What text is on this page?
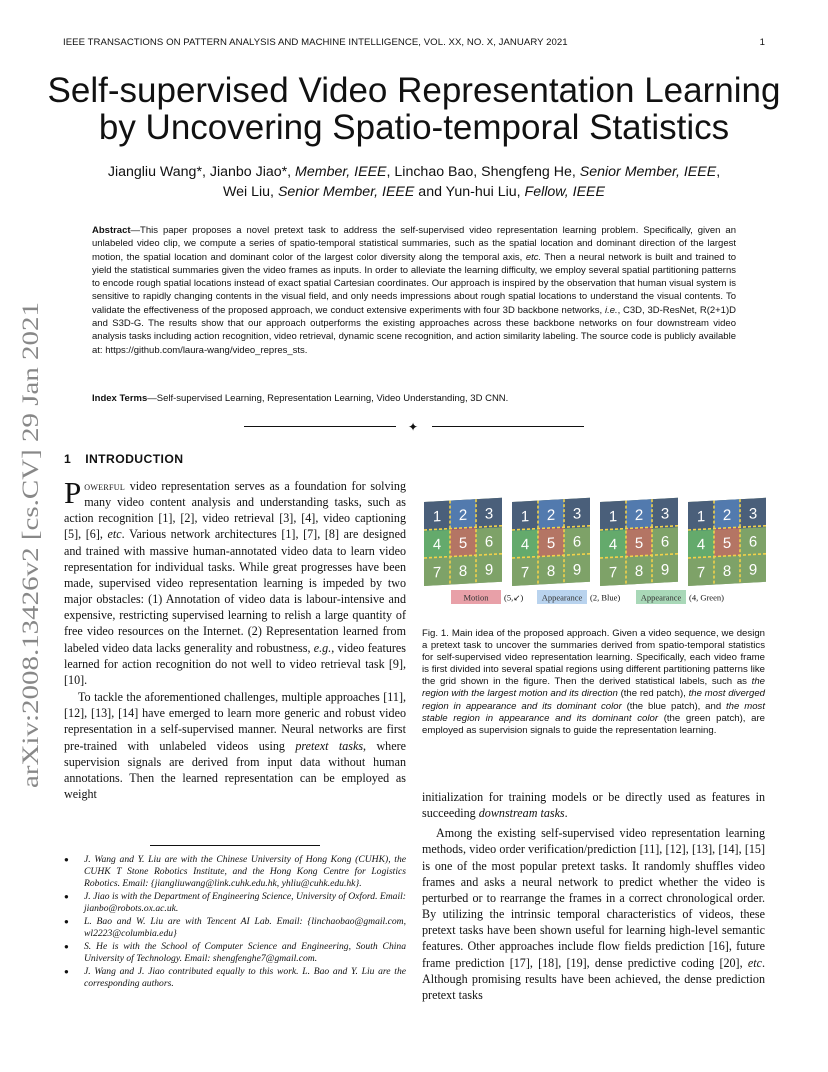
IEEE TRANSACTIONS ON PATTERN ANALYSIS AND MACHINE INTELLIGENCE, VOL. XX, NO. X, JANUARY 2021	1
Self-supervised Video Representation Learning
by Uncovering Spatio-temporal Statistics
Jiangliu Wang*, Jianbo Jiao*, Member, IEEE, Linchao Bao, Shengfeng He, Senior Member, IEEE,
Wei Liu, Senior Member, IEEE and Yun-hui Liu, Fellow, IEEE
Abstract—This paper proposes a novel pretext task to address the self-supervised video representation learning problem. Specifically, given an unlabeled video clip, we compute a series of spatio-temporal statistical summaries, such as the spatial location and dominant direction of the largest motion, the spatial location and dominant color of the largest color diversity along the temporal axis, etc. Then a neural network is built and trained to yield the statistical summaries given the video frames as inputs. In order to alleviate the learning difficulty, we employ several spatial partitioning patterns to encode rough spatial locations instead of exact spatial Cartesian coordinates. Our approach is inspired by the observation that human visual system is sensitive to rapidly changing contents in the visual field, and only needs impressions about rough spatial locations to understand the visual contents. To validate the effectiveness of the proposed approach, we conduct extensive experiments with four 3D backbone networks, i.e., C3D, 3D-ResNet, R(2+1)D and S3D-G. The results show that our approach outperforms the existing approaches across these backbone networks on four downstream video analysis tasks including action recognition, video retrieval, dynamic scene recognition, and action similarity labeling. The source code is publicly available at: https://github.com/laura-wang/video_repres_sts.
Index Terms—Self-supervised Learning, Representation Learning, Video Understanding, 3D CNN.
✦
arXiv:2008.13426v2 [cs.CV] 29 Jan 2021 1 INTRODUCTION

Powerful video representation serves as a foundation for solving many video content analysis and understanding tasks, such as action recognition [1], [2], video retrieval [3], [4], video captioning [5], [6], etc. Various network architectures [1], [7], [8] are designed and trained with massive human-annotated video data to learn video representation for individual tasks. While great progresses have been made, supervised video representation learning is impeded by two major obstacles: (1) Annotation of video data is labour-intensive and expensive, restricting supervised learning to relish a large quantity of free video resources on the Internet. (2) Representation learned from labeled video data lacks generality and robustness, e.g., video features learned for action recognition do not well to video retrieval task [9], [10].

To tackle the aforementioned challenges, multiple approaches [11], [12], [13], [14] have emerged to learn more generic and robust video representation in a self-supervised manner. Neural networks are first pre-trained with unlabeled videos using pretext tasks, where supervision signals are derived from input data without human annotations. Then the learned representation can be employed as weight

● J. Wang and Y. Liu are with the Chinese University of Hong Kong (CUHK), the CUHK T Stone Robotics Institute, and the Hong Kong Centre for Logistics Robotics. Email: {jiangliuwang@link.cuhk.edu.hk, yhliu@cuhk.edu.hk}.
● J. Jiao is with the Department of Engineering Science, University of Oxford. Email: jianbo@robots.ox.ac.uk.
● L. Bao and W. Liu are with Tencent AI Lab. Email: {linchaobao@gmail.com, wl2223@columbia.edu}
● S. He is with the School of Computer Science and Engineering, South China University of Technology. Email: shengfenghe7@gmail.com.
● J. Wang and J. Jiao contributed equally to this work. L. Bao and Y. Liu are the corresponding authors.
1 2 3
4 5 6
7 8 9
1 2 3
4 5 6
7 8 9
1 2 3
4 5 6
7 8 9
1 2 3
4 5 6
7 8 9
Motion (5,↙) Appearance (2, Blue) Appearance (4, Green)
Fig. 1. Main idea of the proposed approach. Given a video sequence, we design a pretext task to uncover the summaries derived from spatio-temporal statistics for self-supervised video representation learning. Specifically, each video frame is first divided into several spatial regions using different partitioning patterns like the grid shown in the figure. Then the derived statistical labels, such as the region with the largest motion and its direction (the red patch), the most diverged region in appearance and its dominant color (the blue patch), and the most stable region in appearance and its dominant color (the green patch), are employed as supervision signals to guide the representation learning.

initialization for training models or be directly used as features in succeeding downstream tasks.

Among the existing self-supervised video representation learning methods, video order verification/prediction [11], [12], [13], [14], [15] is one of the most popular pretext tasks. It randomly shuffles video frames and asks a neural network to predict whether the video is perturbed or to rearrange the frames in a correct chronological order. By utilizing the intrinsic temporal characteristics of videos, these pretext tasks have been shown useful for learning high-level semantic features. Other approaches include flow fields prediction [16], future frame prediction [17], [18], [19], dense predictive coding [20], etc. Although promising results have been achieved, the dense prediction pretext tasks
